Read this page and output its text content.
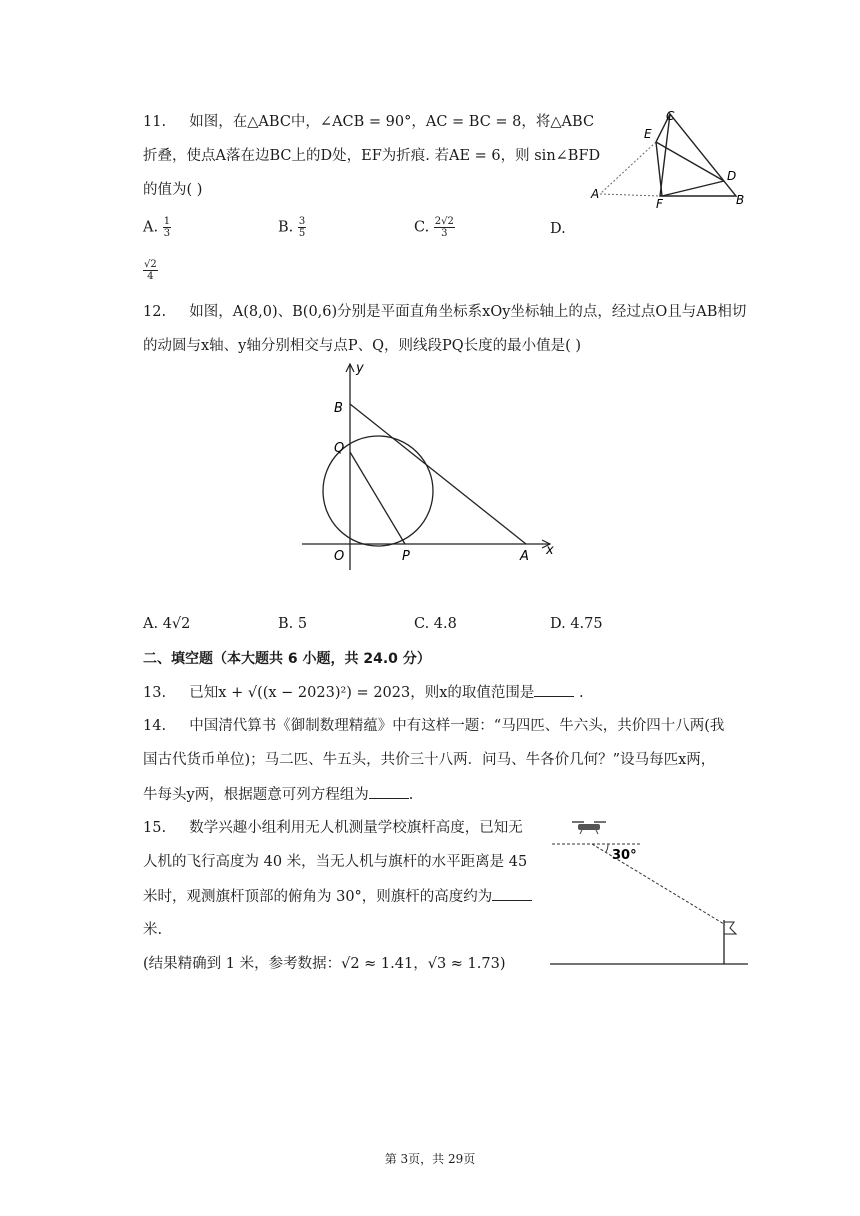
11. 如图，在△ABC中，∠ACB = 90°，AC = BC = 8，将△ABC
折叠，使点A落在边BC上的D处，EF为折痕. 若AE = 6，则 sin∠BFD
的值为( )
A. $\frac{1}{3}$	B. $\frac{3}{5}$	C. $\frac{2√2}{3}$	D.
$\frac{√2}{4}$
C
E
D
A
F	B
12. 如图，A(8,0)、B(0,6)分别是平面直角坐标系xOy坐标轴上的点，经过点O且与AB相切
的动圆与x轴、y轴分别相交与点P、Q，则线段PQ长度的最小值是( )
y
x
B
Q
O	P	A
A. 4√2	B. 5	C. 4.8	D. 4.75
二、填空题（本大题共 6 小题，共 24.0 分）
13. 已知x + √((x − 2023)²) = 2023，则x的取值范围是	.
14. 中国清代算书《御制数理精蕴》中有这样一题：“马四匹、牛六头，共价四十八两(我
国古代货币单位)；马二匹、牛五头，共价三十八两．问马、牛各价几何？”设马每匹x两，
牛每头y两，根据题意可列方程组为	.
15. 数学兴趣小组利用无人机测量学校旗杆高度，已知无
人机的飞行高度为 40 米，当无人机与旗杆的水平距离是 45
米时，观测旗杆顶部的俯角为 30°，则旗杆的高度约为
米.
(结果精确到 1 米，参考数据：√2 ≈ 1.41，√3 ≈ 1.73)
30°
第 3页，共 29页
